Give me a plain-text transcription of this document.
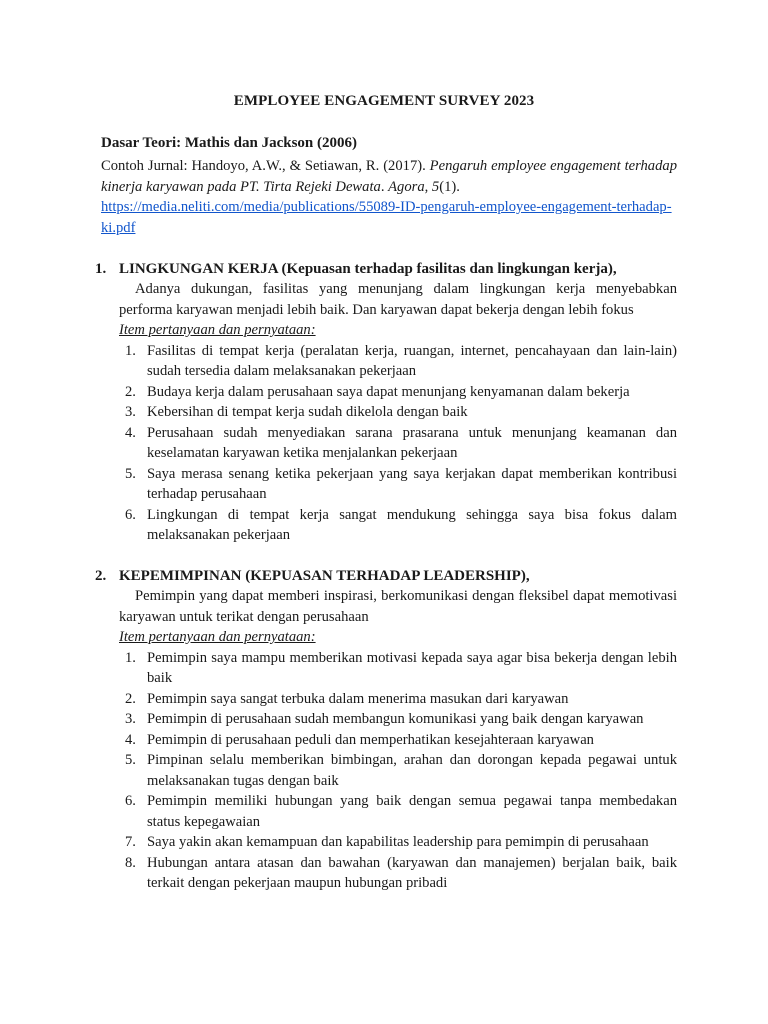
EMPLOYEE ENGAGEMENT SURVEY 2023
Dasar Teori: Mathis dan Jackson (2006)
Contoh Jurnal: Handoyo, A.W., & Setiawan, R. (2017). Pengaruh employee engagement terhadap kinerja karyawan pada PT. Tirta Rejeki Dewata. Agora, 5(1).
https://media.neliti.com/media/publications/55089-ID-pengaruh-employee-engagement-terhadap-ki.pdf
1. LINGKUNGAN KERJA (Kepuasan terhadap fasilitas dan lingkungan kerja),
Adanya dukungan, fasilitas yang menunjang dalam lingkungan kerja menyebabkan performa karyawan menjadi lebih baik. Dan karyawan dapat bekerja dengan lebih fokus
Item pertanyaan dan pernyataan:
1. Fasilitas di tempat kerja (peralatan kerja, ruangan, internet, pencahayaan dan lain-lain) sudah tersedia dalam melaksanakan pekerjaan
2. Budaya kerja dalam perusahaan saya dapat menunjang kenyamanan dalam bekerja
3. Kebersihan di tempat kerja sudah dikelola dengan baik
4. Perusahaan sudah menyediakan sarana prasarana untuk menunjang keamanan dan keselamatan karyawan ketika menjalankan pekerjaan
5. Saya merasa senang ketika pekerjaan yang saya kerjakan dapat memberikan kontribusi terhadap perusahaan
6. Lingkungan di tempat kerja sangat mendukung sehingga saya bisa fokus dalam melaksanakan pekerjaan
2. KEPEMIMPINAN (KEPUASAN TERHADAP LEADERSHIP),
Pemimpin yang dapat memberi inspirasi, berkomunikasi dengan fleksibel dapat memotivasi karyawan untuk terikat dengan perusahaan
Item pertanyaan dan pernyataan:
1. Pemimpin saya mampu memberikan motivasi kepada saya agar bisa bekerja dengan lebih baik
2. Pemimpin saya sangat terbuka dalam menerima masukan dari karyawan
3. Pemimpin di perusahaan sudah membangun komunikasi yang baik dengan karyawan
4. Pemimpin di perusahaan peduli dan memperhatikan kesejahteraan karyawan
5. Pimpinan selalu memberikan bimbingan, arahan dan dorongan kepada pegawai untuk melaksanakan tugas dengan baik
6. Pemimpin memiliki hubungan yang baik dengan semua pegawai tanpa membedakan status kepegawaian
7. Saya yakin akan kemampuan dan kapabilitas leadership para pemimpin di perusahaan
8. Hubungan antara atasan dan bawahan (karyawan dan manajemen) berjalan baik, baik terkait dengan pekerjaan maupun hubungan pribadi
